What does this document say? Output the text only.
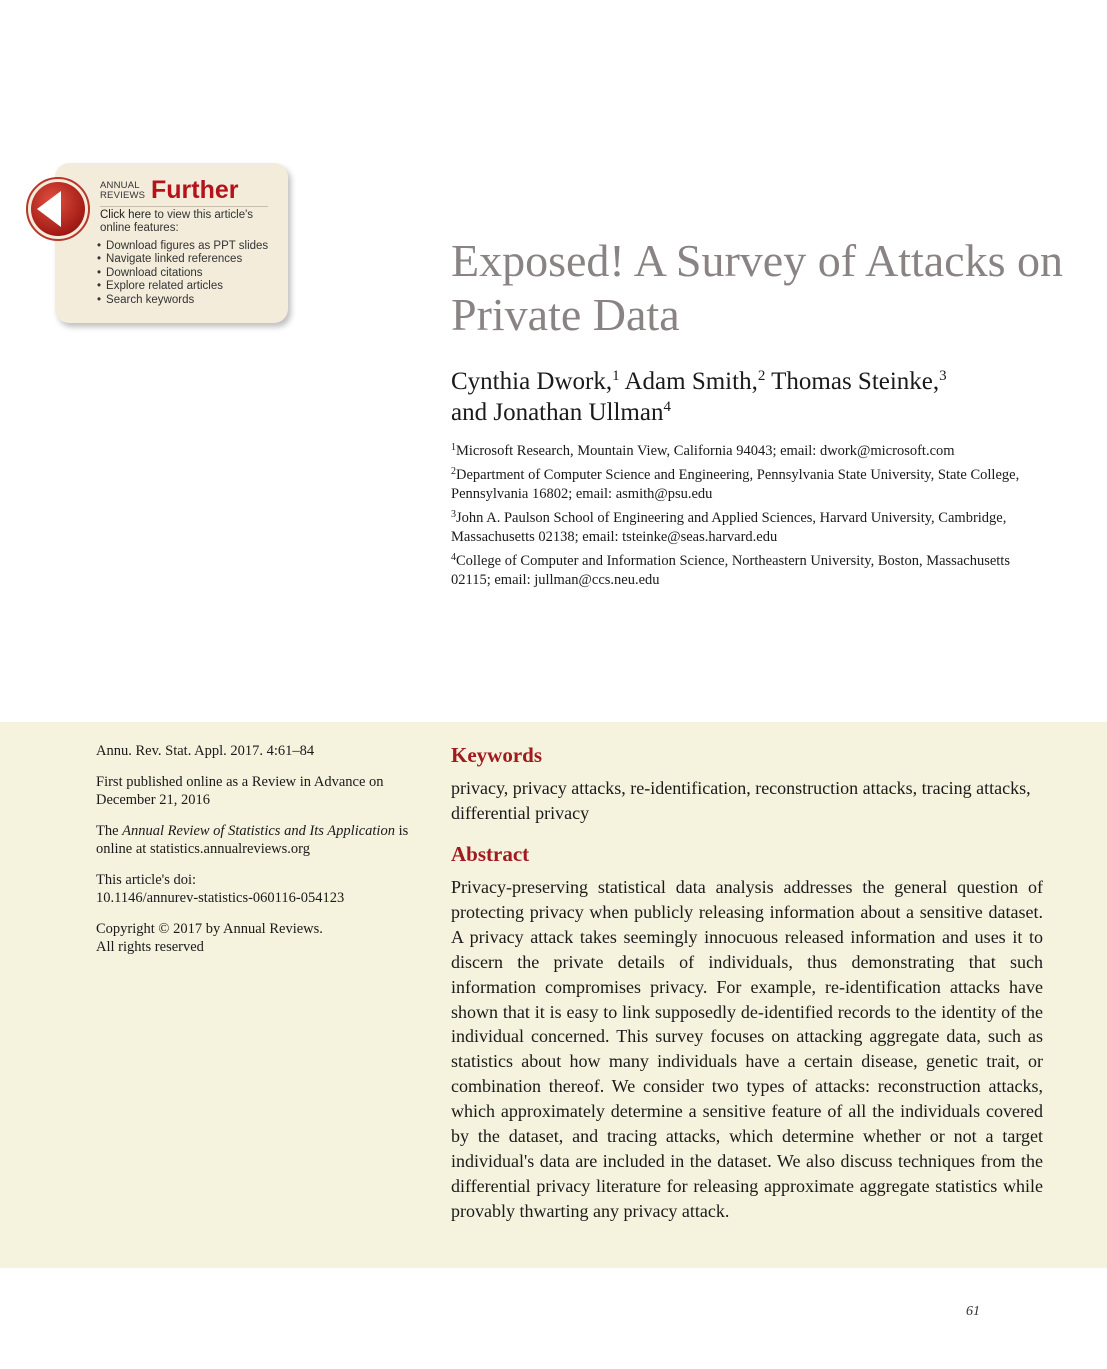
ANNUAL
REVIEWS Further
Click here to view this article's online features:
• Download figures as PPT slides
• Navigate linked references
• Download citations
• Explore related articles
• Search keywords
Exposed! A Survey of Attacks on Private Data
Cynthia Dwork,$^1$ Adam Smith,$^2$ Thomas Steinke,$^3$
and Jonathan Ullman$^4$

$^1$Microsoft Research, Mountain View, California 94043; email: dwork@microsoft.com

$^2$Department of Computer Science and Engineering, Pennsylvania State University, State College, Pennsylvania 16802; email: asmith@psu.edu

$^3$John A. Paulson School of Engineering and Applied Sciences, Harvard University, Cambridge, Massachusetts 02138; email: tsteinke@seas.harvard.edu

$^4$College of Computer and Information Science, Northeastern University, Boston, Massachusetts 02115; email: jullman@ccs.neu.edu

Annu. Rev. Stat. Appl. 2017. 4:61–84

First published online as a Review in Advance on December 21, 2016

The Annual Review of Statistics and Its Application is online at statistics.annualreviews.org

This article's doi:
10.1146/annurev-statistics-060116-054123

Copyright © 2017 by Annual Reviews.
All rights reserved

Keywords
privacy, privacy attacks, re-identification, reconstruction attacks, tracing attacks, differential privacy
Abstract

Privacy-preserving statistical data analysis addresses the general question of protecting privacy when publicly releasing information about a sensitive dataset. A privacy attack takes seemingly innocuous released information and uses it to discern the private details of individuals, thus demonstrating that such information compromises privacy. For example, re-identification attacks have shown that it is easy to link supposedly de-identified records to the identity of the individual concerned. This survey focuses on attacking aggregate data, such as statistics about how many individuals have a certain disease, genetic trait, or combination thereof. We consider two types of attacks: reconstruction attacks, which approximately determine a sensitive feature of all the individuals covered by the dataset, and tracing attacks, which determine whether or not a target individual's data are included in the dataset. We also discuss techniques from the differential privacy literature for releasing approximate aggregate statistics while provably thwarting any privacy attack.

61
